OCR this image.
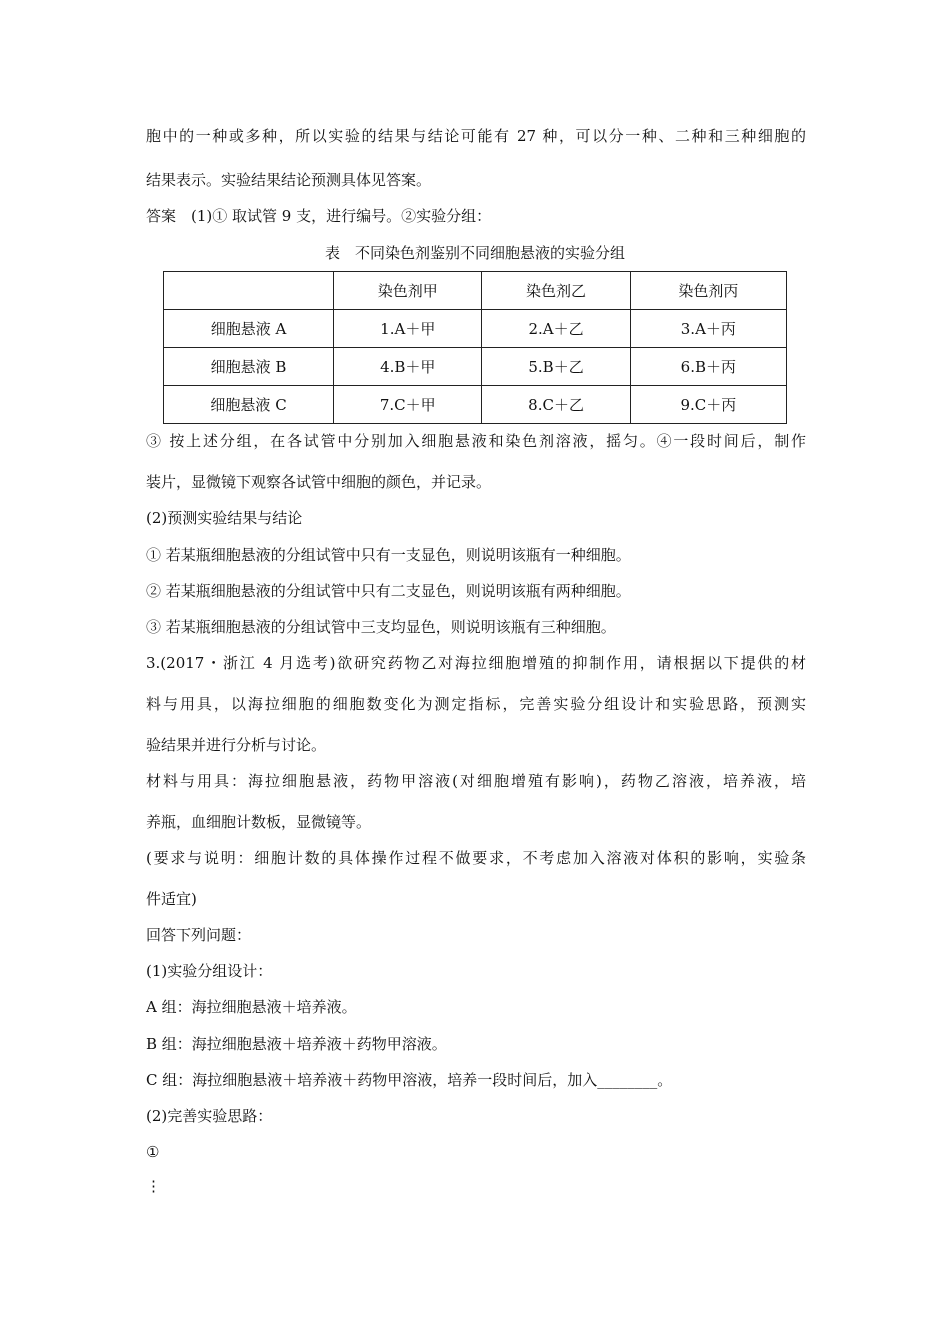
胞中的一种或多种，所以实验的结果与结论可能有 27 种，可以分一种、二种和三种细胞的
结果表示。实验结果结论预测具体见答案。
答案　(1)① 取试管 9 支，进行编号。②实验分组：
表　不同染色剂鉴别不同细胞悬液的实验分组
	染色剂甲	染色剂乙	染色剂丙
细胞悬液 A	1.A＋甲	2.A＋乙	3.A＋丙
细胞悬液 B	4.B＋甲	5.B＋乙	6.B＋丙
细胞悬液 C	7.C＋甲	8.C＋乙	9.C＋丙
③ 按上述分组，在各试管中分别加入细胞悬液和染色剂溶液，摇匀。④一段时间后，制作
装片，显微镜下观察各试管中细胞的颜色，并记录。
(2)预测实验结果与结论
① 若某瓶细胞悬液的分组试管中只有一支显色，则说明该瓶有一种细胞。
② 若某瓶细胞悬液的分组试管中只有二支显色，则说明该瓶有两种细胞。
③ 若某瓶细胞悬液的分组试管中三支均显色，则说明该瓶有三种细胞。
3.(2017・浙江 4 月选考)欲研究药物乙对海拉细胞增殖的抑制作用，请根据以下提供的材
料与用具，以海拉细胞的细胞数变化为测定指标，完善实验分组设计和实验思路，预测实
验结果并进行分析与讨论。
材料与用具：海拉细胞悬液，药物甲溶液(对细胞增殖有影响)，药物乙溶液，培养液，培
养瓶，血细胞计数板，显微镜等。
(要求与说明：细胞计数的具体操作过程不做要求，不考虑加入溶液对体积的影响，实验条
件适宜)
回答下列问题：
(1)实验分组设计：
A 组：海拉细胞悬液＋培养液。
B 组：海拉细胞悬液＋培养液＋药物甲溶液。
C 组：海拉细胞悬液＋培养液＋药物甲溶液，培养一段时间后，加入________。
(2)完善实验思路：
①
⋮
